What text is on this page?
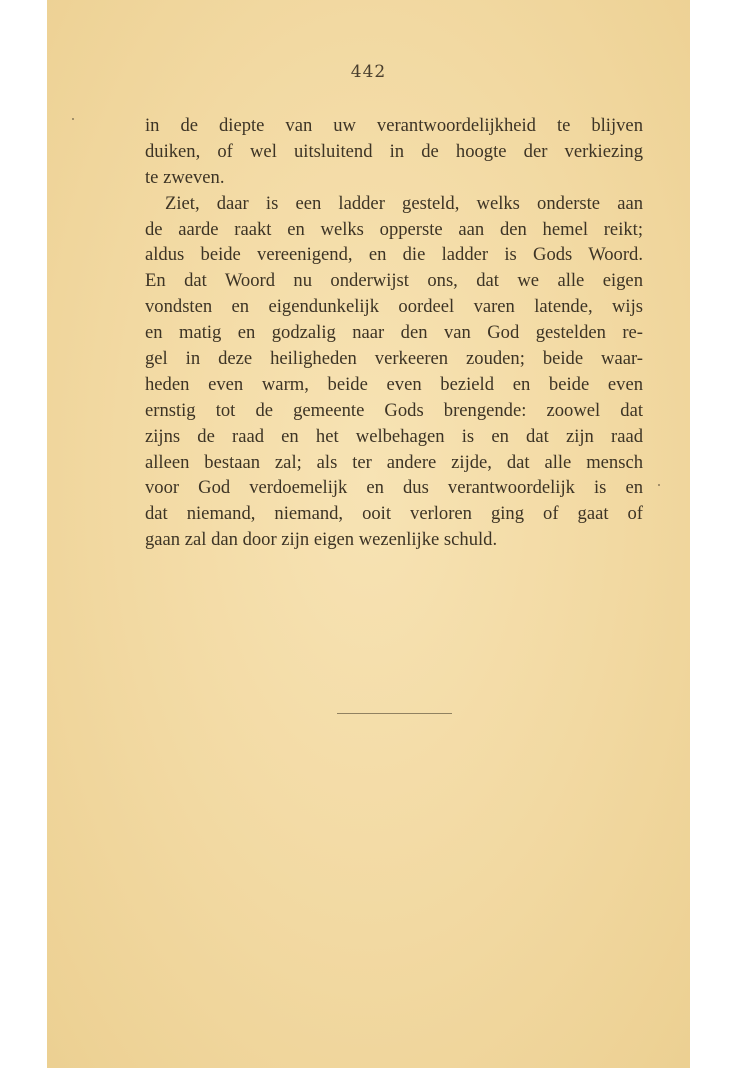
442
in de diepte van uw verantwoordelijkheid te blijven
duiken, of wel uitsluitend in de hoogte der verkiezing
te zweven.
Ziet, daar is een ladder gesteld, welks onderste aan
de aarde raakt en welks opperste aan den hemel reikt;
aldus beide vereenigend, en die ladder is Gods Woord.
En dat Woord nu onderwijst ons, dat we alle eigen
vondsten en eigendunkelijk oordeel varen latende, wijs
en matig en godzalig naar den van God gestelden re-
gel in deze heiligheden verkeeren zouden; beide waar-
heden even warm, beide even bezield en beide even
ernstig tot de gemeente Gods brengende: zoowel dat
zijns de raad en het welbehagen is en dat zijn raad
alleen bestaan zal; als ter andere zijde, dat alle mensch
voor God verdoemelijk en dus verantwoordelijk is en
dat niemand, niemand, ooit verloren ging of gaat of
gaan zal dan door zijn eigen wezenlijke schuld.
